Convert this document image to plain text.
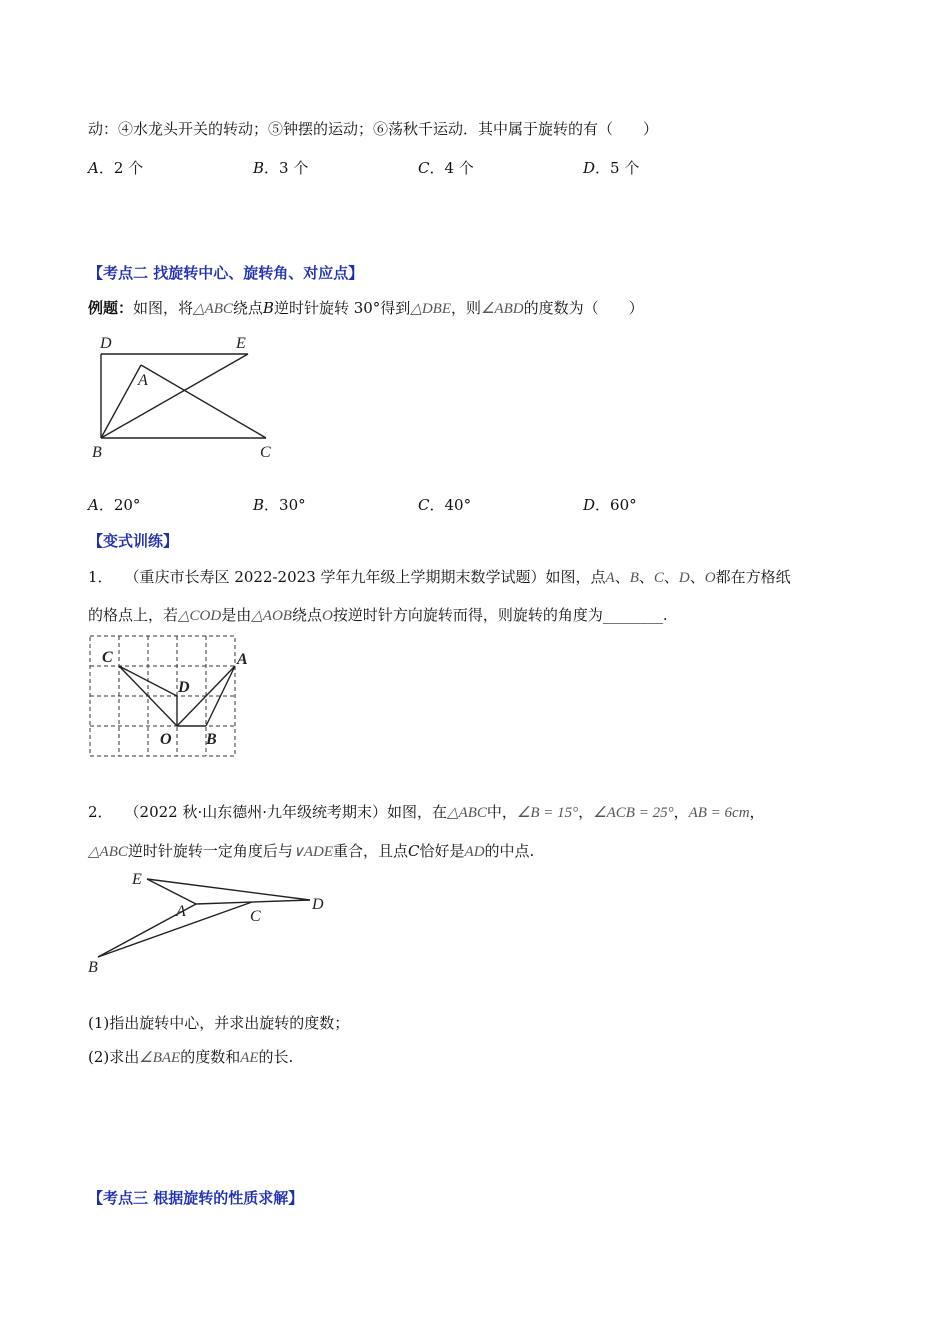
动：④水龙头开关的转动；⑤钟摆的运动；⑥荡秋千运动．其中属于旋转的有（　　）
A．2 个	B．3 个	C．4 个	D．5 个
【考点二 找旋转中心、旋转角、对应点】
例题：如图，将△ABC绕点B逆时针旋转 30°得到△DBE，则∠ABD的度数为（　　）
D	E
A
B	C
A．20°	B．30°	C．40°	D．60°
【变式训练】
1． （重庆市长寿区 2022-2023 学年九年级上学期期末数学试题）如图，点A、B、C、D、O都在方格纸
的格点上，若△COD是由△AOB绕点O按逆时针方向旋转而得，则旋转的角度为________.
C	A
D
O B
2． （2022 秋·山东德州·九年级统考期末）如图，在△ABC中，∠B = 15°，∠ACB = 25°，AB = 6cm，
△ABC逆时针旋转一定角度后与∨ADE重合，且点C恰好是AD的中点.
E
A	C
D
B
(1)指出旋转中心，并求出旋转的度数；
(2)求出∠BAE的度数和AE的长.
【考点三 根据旋转的性质求解】
